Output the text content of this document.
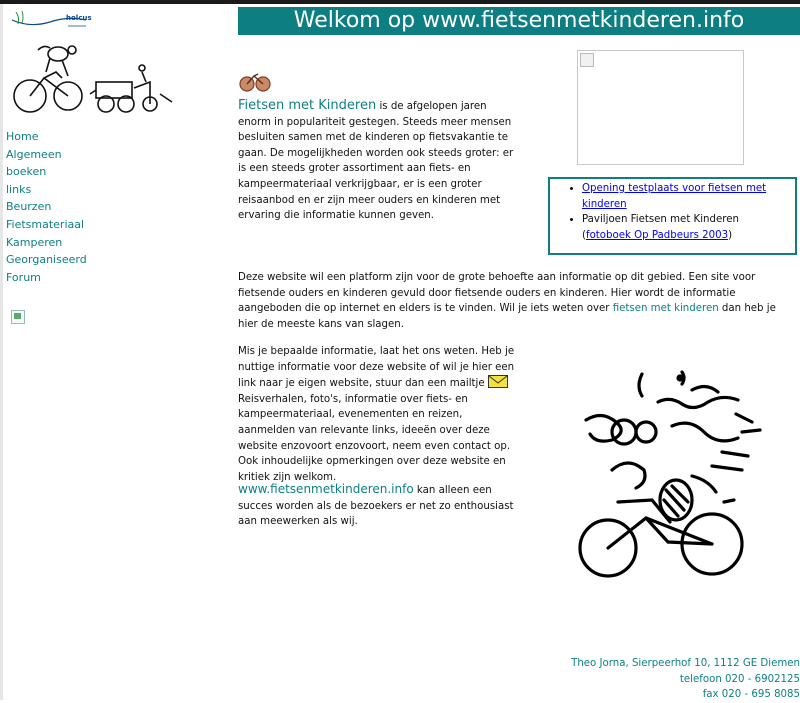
holcus
Home
Algemeen
boeken
links
Beurzen
Fietsmateriaal
Kamperen
Georganiseerd
Forum
Welkom op www.fietsenmetkinderen.info

Fietsen met Kinderen is de afgelopen jaren enorm in populariteit gestegen. Steeds meer mensen besluiten samen met de kinderen op fietsvakantie te gaan. De mogelijkheden worden ook steeds groter: er is een steeds groter assortiment aan fiets- en kampeermateriaal verkrijgbaar, er is een groter reisaanbod en er zijn meer ouders en kinderen met ervaring die informatie kunnen geven.

• Opening testplaats voor fietsen met kinderen
• Paviljoen Fietsen met Kinderen
(fotoboek Op Padbeurs 2003)

Deze website wil een platform zijn voor de grote behoefte aan informatie op dit gebied. Een site voor fietsende ouders en kinderen gevuld door fietsende ouders en kinderen. Hier wordt de informatie aangeboden die op internet en elders is te vinden. Wil je iets weten over fietsen met kinderen dan heb je hier de meeste kans van slagen.

Mis je bepaalde informatie, laat het ons weten. Heb je nuttige informatie voor deze website of wil je hier een link naar je eigen website, stuur dan een mailtje  Reisverhalen, foto's, informatie over fiets- en kampeermateriaal, evenementen en reizen, aanmelden van relevante links, ideeën over deze website enzovoort enzovoort, neem even contact op. Ook inhoudelijke opmerkingen over deze website en kritiek zijn welkom.

www.fietsenmetkinderen.info kan alleen een succes worden als de bezoekers er net zo enthousiast aan meewerken als wij.

Theo Jorna, Sierpeerhof 10, 1112 GE Diemen
telefoon 020 - 6902125
fax 020 - 695 8085
